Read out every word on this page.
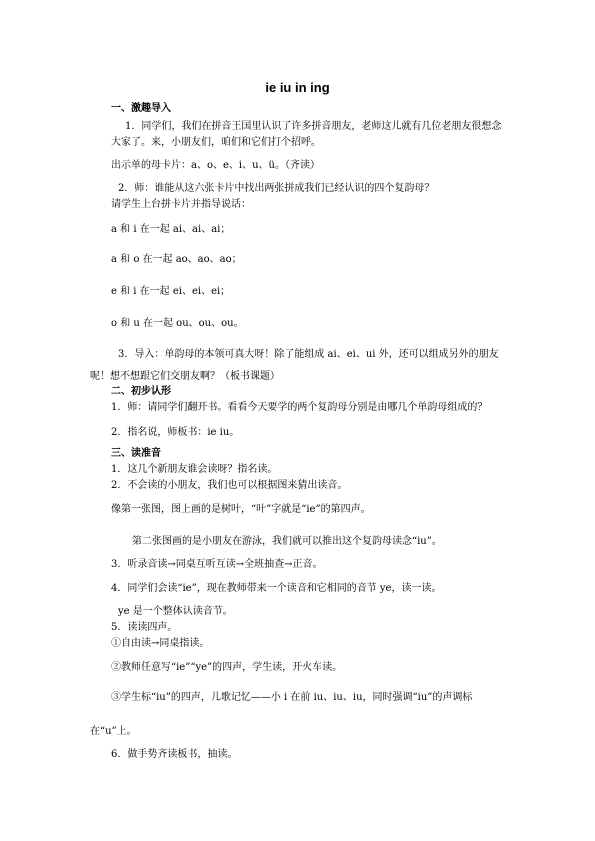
ie iu in ing
一、激趣导入
1．同学们，我们在拼音王国里认识了许多拼音朋友，老师这儿就有几位老朋友很想念
大家了。来，小朋友们，咱们和它们打个招呼。
出示单的母卡片：a、o、e、i、u、ü。（齐读）
2．师：谁能从这六张卡片中找出两张拼成我们已经认识的四个复韵母？
请学生上台拼卡片并指导说话：
a 和 i 在一起 ai、ai、ai；
a 和 o 在一起 ao、ao、ao；
e 和 i 在一起 ei、ei、ei；
o 和 u 在一起 ou、ou、ou。
3．导入：单韵母的本领可真大呀！除了能组成 ai、ei、ui 外，还可以组成另外的朋友
呢！想不想跟它们交朋友啊？（板书课题）
二、初步认形
1．师：请同学们翻开书。看看今天要学的两个复韵母分别是由哪几个单韵母组成的？
2．指名说，师板书：ie iu。
三、读准音
1．这几个新朋友谁会读呀？指名读。
2．不会读的小朋友，我们也可以根据图来猜出读音。
像第一张图，图上画的是树叶，“叶”字就是“ie”的第四声。
第二张图画的是小朋友在游泳，我们就可以推出这个复韵母读念“iu”。
3．听录音读→同桌互听互读→全班抽查→正音。
4．同学们会读“ie”，现在教师带来一个读音和它相同的音节 ye，读一读。
ye 是一个整体认读音节。
5．读读四声。
①自由读→同桌指读。
②教师任意写“ie”“ye”的四声，学生读，开火车读。
③学生标“iu”的四声，儿歌记忆——小 i 在前 iu、iu、iu，同时强调“iu”的声调标
在“u”上。
6．做手势齐读板书，抽读。
